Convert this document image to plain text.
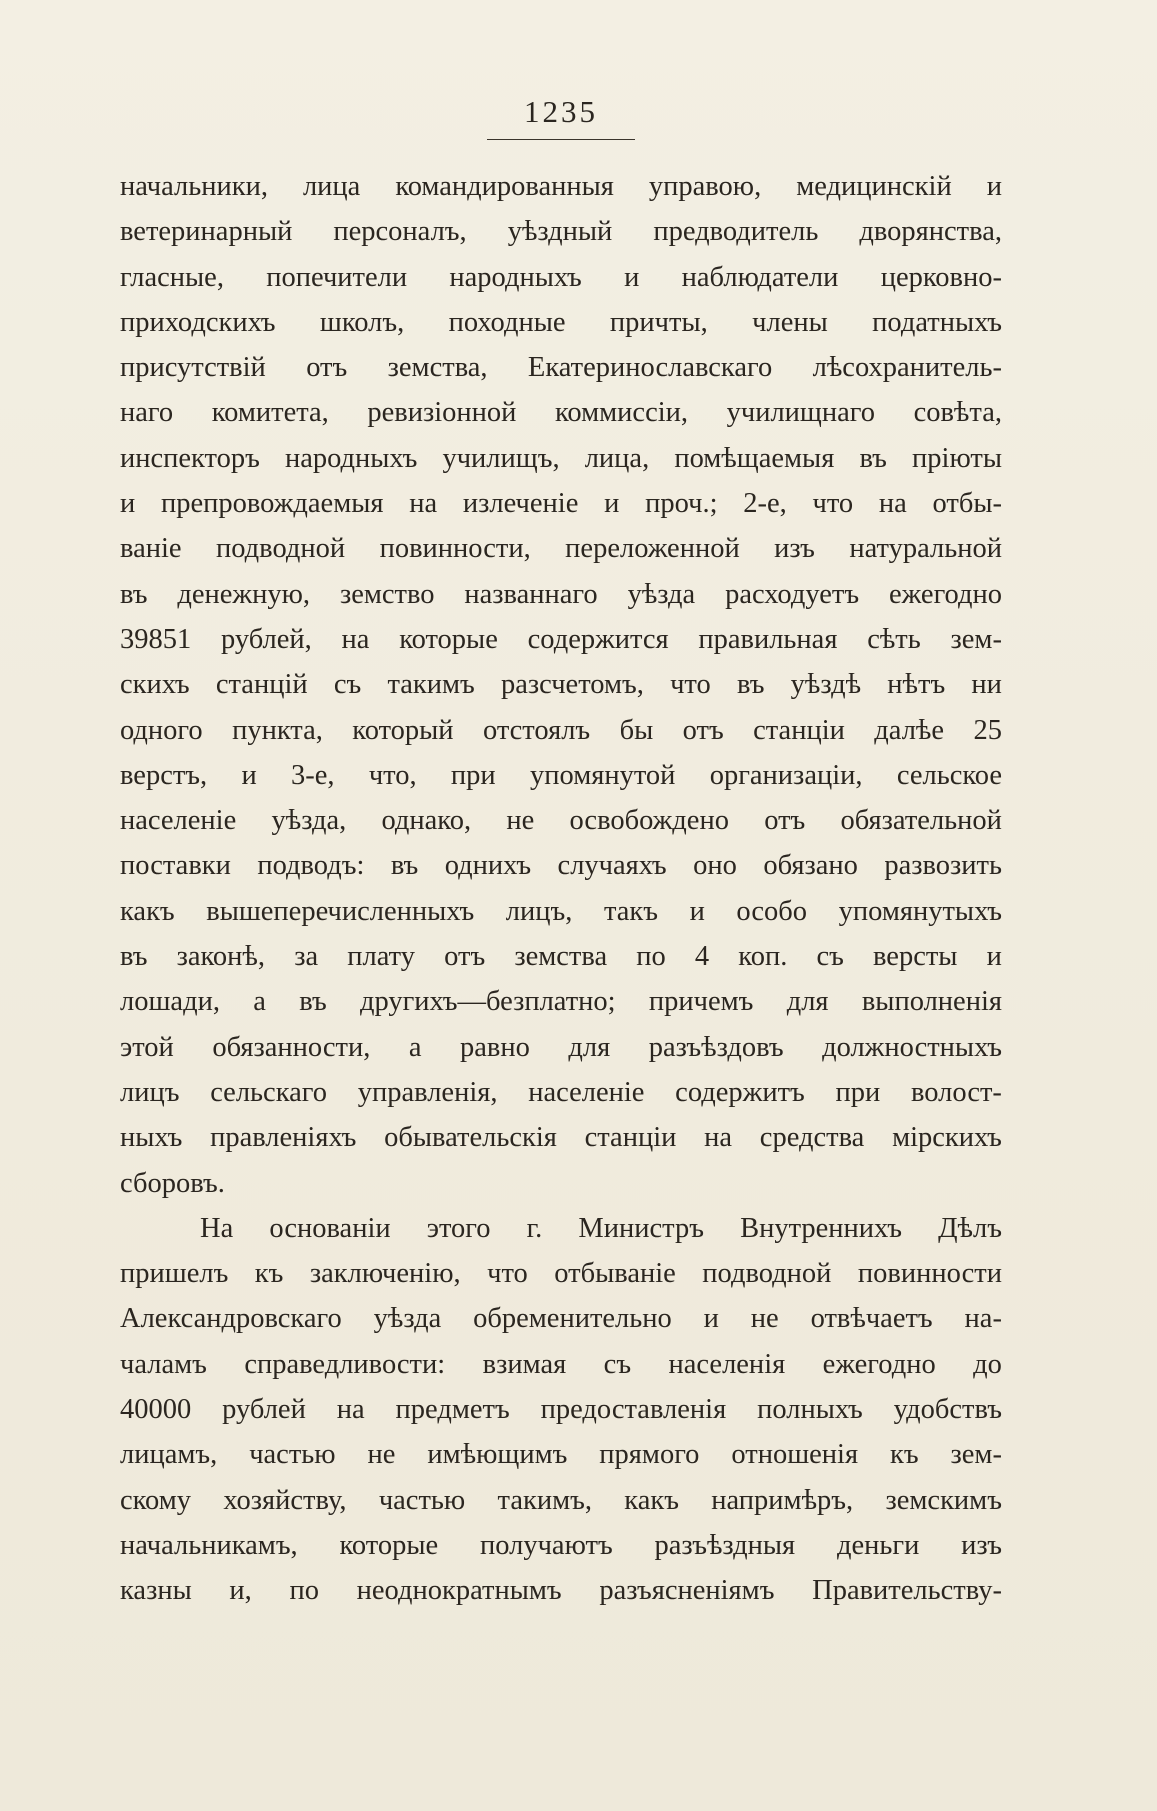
1235
начальники, лица командированныя управою, медицинскій и
ветеринарный персоналъ, уѣздный предводитель дворянства,
гласные, попечители народныхъ и наблюдатели церковно-
приходскихъ школъ, походные причты, члены податныхъ
присутствій отъ земства, Екатеринославскаго лѣсохранитель-
наго комитета, ревизіонной коммиссіи, училищнаго совѣта,
инспекторъ народныхъ училищъ, лица, помѣщаемыя въ пріюты
и препровождаемыя на излеченіе и проч.; 2-е, что на отбы-
ваніе подводной повинности, переложенной изъ натуральной
въ денежную, земство названнаго уѣзда расходуетъ ежегодно
39851 рублей, на которые содержится правильная сѣть зем-
скихъ станцій съ такимъ разсчетомъ, что въ уѣздѣ нѣтъ ни
одного пункта, который отстоялъ бы отъ станціи далѣе 25
верстъ, и 3-е, что, при упомянутой организаціи, сельское
населеніе уѣзда, однако, не освобождено отъ обязательной
поставки подводъ: въ однихъ случаяхъ оно обязано развозить
какъ вышеперечисленныхъ лицъ, такъ и особо упомянутыхъ
въ законѣ, за плату отъ земства по 4 коп. съ версты и
лошади, а въ другихъ—безплатно; причемъ для выполненія
этой обязанности, а равно для разъѣздовъ должностныхъ
лицъ сельскаго управленія, населеніе содержитъ при волост-
ныхъ правленіяхъ обывательскія станціи на средства мірскихъ
сборовъ.
На основаніи этого г. Министръ Внутреннихъ Дѣлъ
пришелъ къ заключенію, что отбываніе подводной повинности
Александровскаго уѣзда обременительно и не отвѣчаетъ на-
чаламъ справедливости: взимая съ населенія ежегодно до
40000 рублей на предметъ предоставленія полныхъ удобствъ
лицамъ, частью не имѣющимъ прямого отношенія къ зем-
скому хозяйству, частью такимъ, какъ напримѣръ, земскимъ
начальникамъ, которые получаютъ разъѣздныя деньги изъ
казны и, по неоднократнымъ разъясненіямъ Правительству-
